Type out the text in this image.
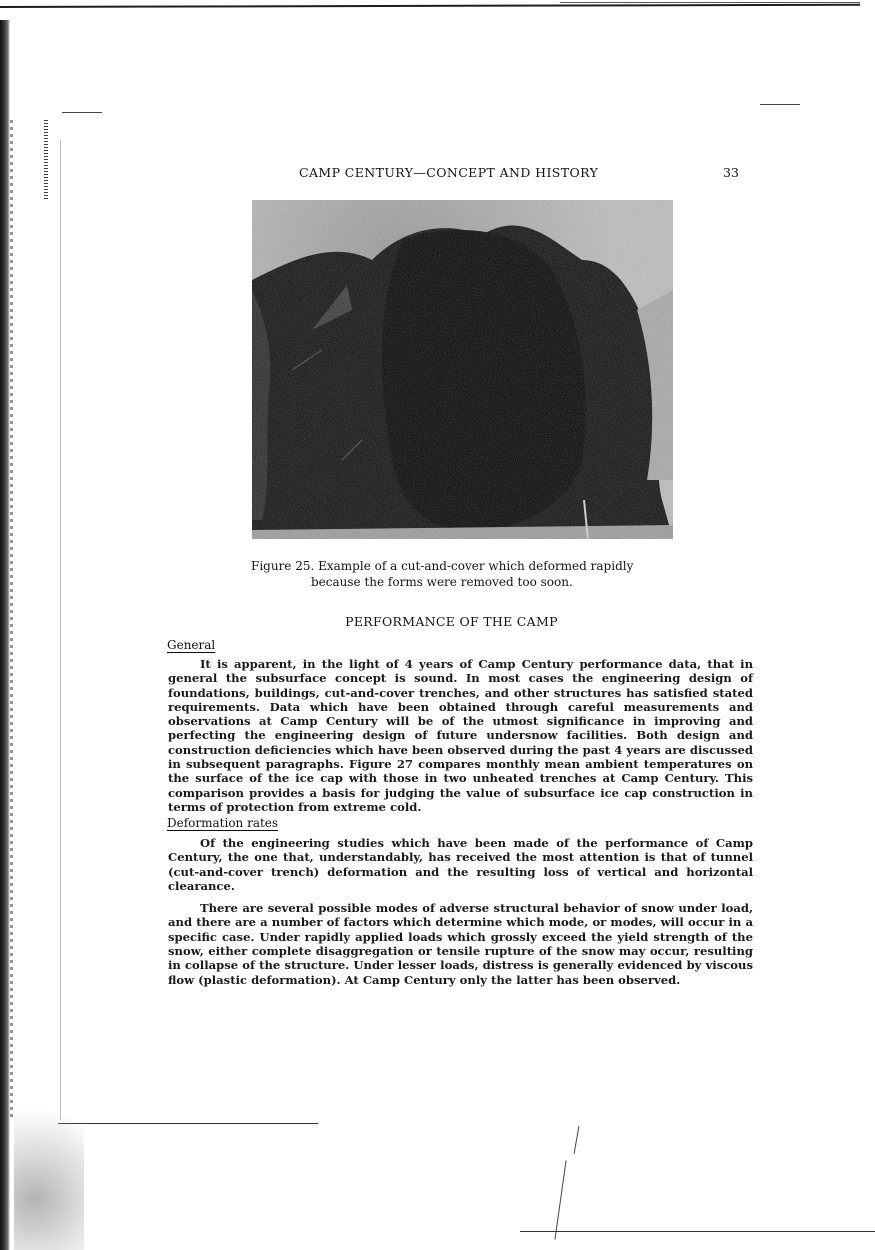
CAMP CENTURY—CONCEPT AND HISTORY	33
Figure 25. Example of a cut-and-cover which deformed rapidly
because the forms were removed too soon.
PERFORMANCE OF THE CAMP
General

It is apparent, in the light of 4 years of Camp Century performance data, that in general the subsurface concept is sound. In most cases the engineering design of foundations, buildings, cut-and-cover trenches, and other structures has satisfied stated requirements. Data which have been obtained through careful measurements and observations at Camp Century will be of the utmost significance in improving and perfecting the engineering design of future undersnow facilities. Both design and construction deficiencies which have been observed during the past 4 years are discussed in subsequent paragraphs. Figure 27 compares monthly mean ambient temperatures on the surface of the ice cap with those in two unheated trenches at Camp Century. This comparison provides a basis for judging the value of subsurface ice cap construction in terms of protection from extreme cold.

Deformation rates

Of the engineering studies which have been made of the performance of Camp Century, the one that, understandably, has received the most attention is that of tunnel (cut-and-cover trench) deformation and the resulting loss of vertical and horizontal clearance.

There are several possible modes of adverse structural behavior of snow under load, and there are a number of factors which determine which mode, or modes, will occur in a specific case. Under rapidly applied loads which grossly exceed the yield strength of the snow, either complete disaggregation or tensile rupture of the snow may occur, resulting in collapse of the structure. Under lesser loads, distress is generally evidenced by viscous flow (plastic deformation). At Camp Century only the latter has been observed.
